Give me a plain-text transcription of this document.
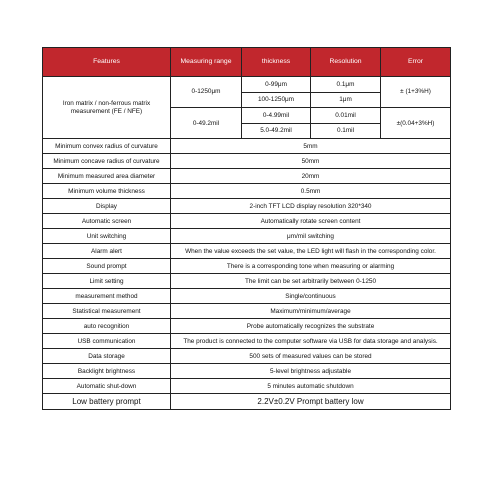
Features	Measuring range	thickness	Resolution	Error
Iron matrix / non-ferrous matrix measurement (FE / NFE)	0-1250μm	0-99μm	0.1μm	± (1+3%H)
		100-1250μm	1μm	
	0-49.2mil	0-4.99mil	0.01mil	±(0.04+3%H)
		5.0-49.2mil	0.1mil	
Minimum convex radius of curvature	5mm			
Minimum concave radius of curvature	50mm			
Minimum measured area diameter	20mm			
Minimum volume thickness	0.5mm			
Display	2-inch TFT LCD display resolution 320*340			
Automatic screen	Automatically rotate screen content			
Unit switching	μm/mil switching			
Alarm alert	When the value exceeds the set value, the LED light will flash in the corresponding color.			
Sound prompt	There is a corresponding tone when measuring or alarming			
Limit setting	The limit can be set arbitrarily between 0-1250			
measurement method	Single/continuous			
Statistical measurement	Maximum/minimum/average			
auto recognition	Probe automatically recognizes the substrate			
USB communication	The product is connected to the computer software via USB for data storage and analysis.			
Data storage	500 sets of measured values can be stored			
Backlight brightness	5-level brightness adjustable			
Automatic shut-down	5 minutes automatic shutdown			
Low battery prompt	2.2V±0.2V Prompt battery low			
